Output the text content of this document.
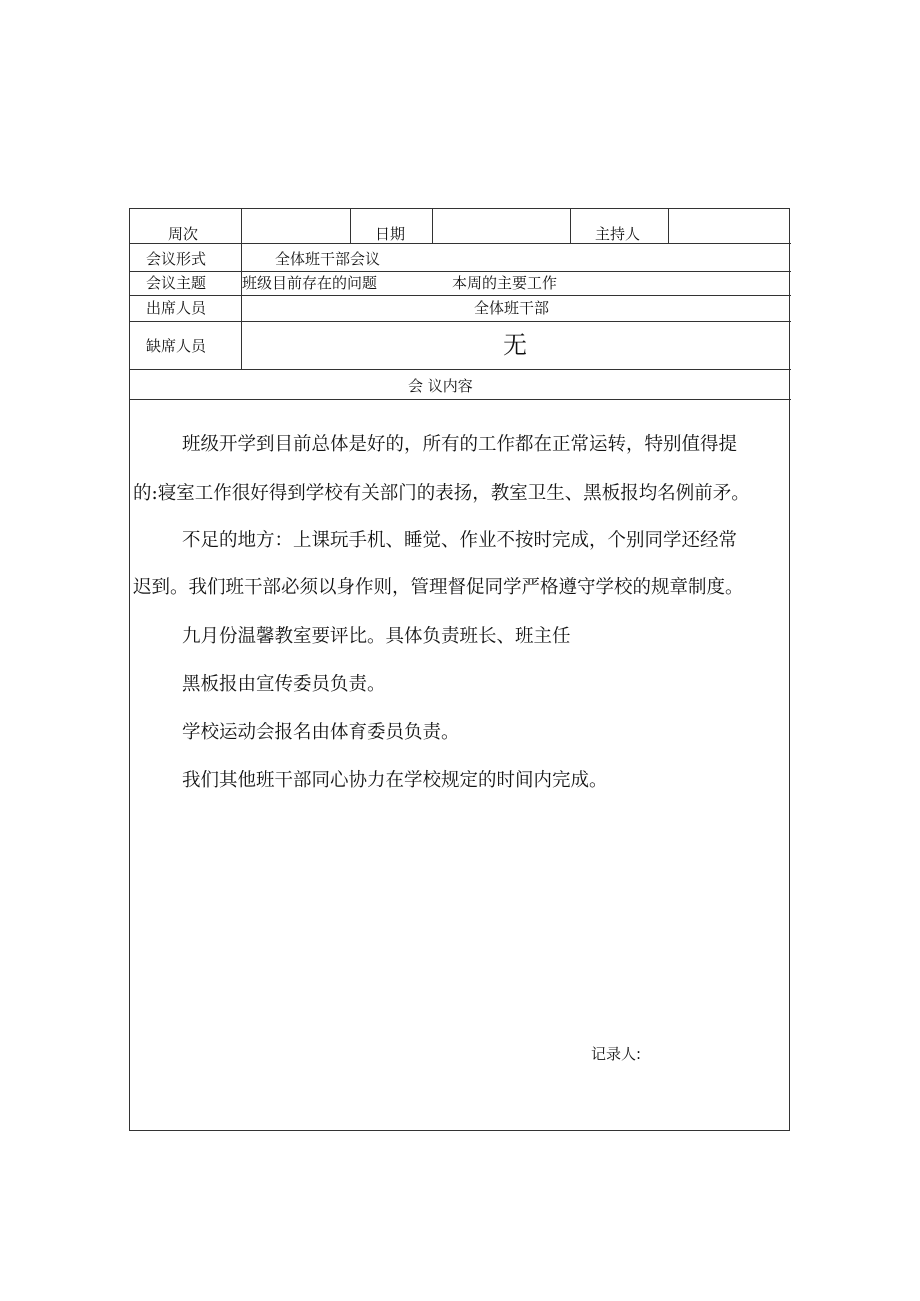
周次	日期	主持人
会议形式	全体班干部会议
会议主题 班级目前存在的问题	本周的主要工作
出席人员	全体班干部
缺席人员	无
会 议内容
班级开学到目前总体是好的，所有的工作都在正常运转，特别值得提
的:寝室工作很好得到学校有关部门的表扬，教室卫生、黑板报均名例前矛。
不足的地方：上课玩手机、睡觉、作业不按时完成，个别同学还经常
迟到。我们班干部必须以身作则，管理督促同学严格遵守学校的规章制度。
九月份温馨教室要评比。具体负责班长、班主任
黑板报由宣传委员负责。
学校运动会报名由体育委员负责。
我们其他班干部同心协力在学校规定的时间内完成。
记录人:
